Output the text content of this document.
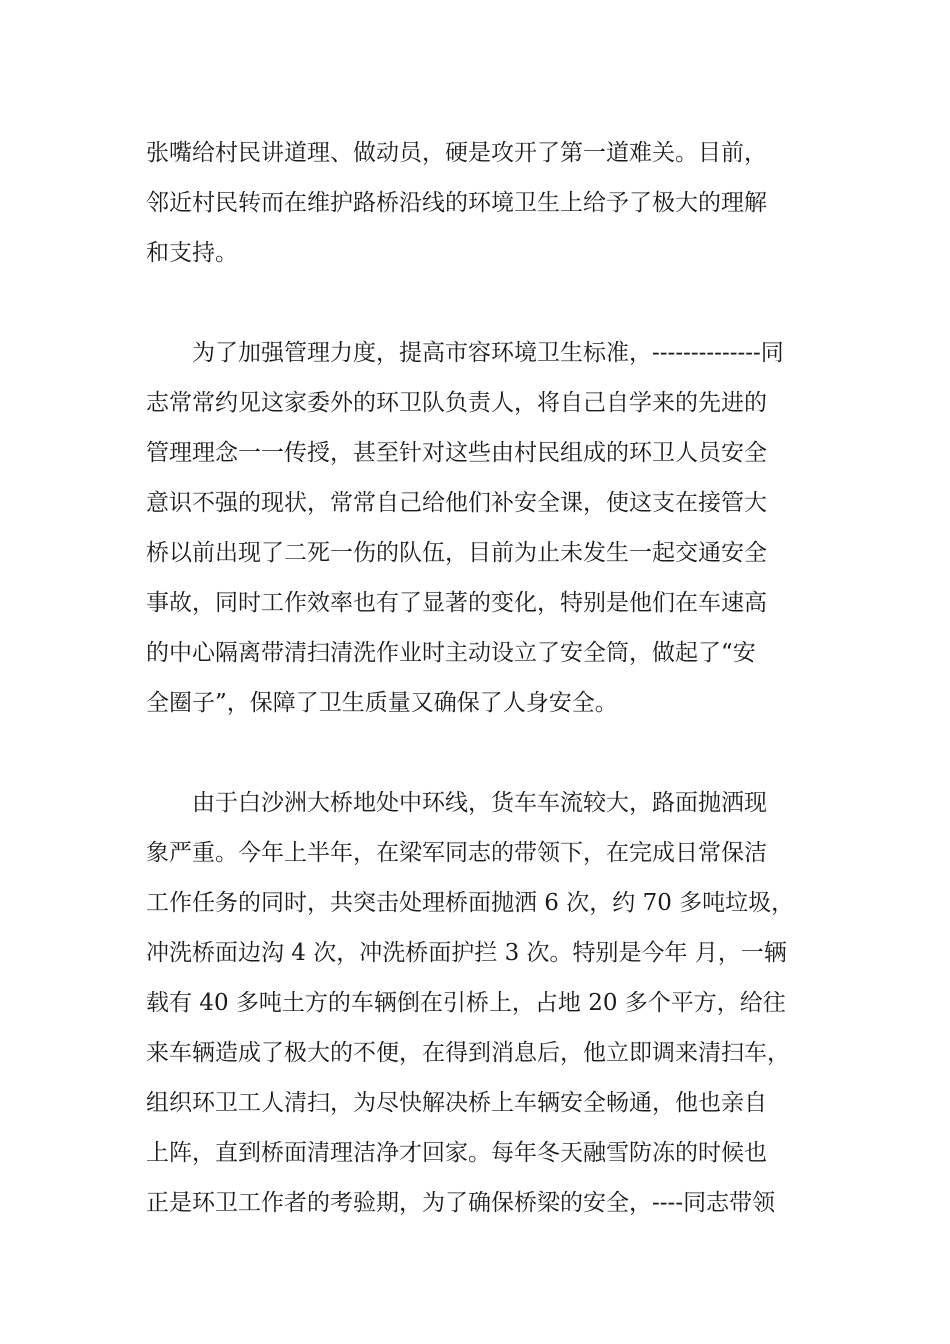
张嘴给村民讲道理、做动员，硬是攻开了第一道难关。目前，
邻近村民转而在维护路桥沿线的环境卫生上给予了极大的理解
和支持。
　　为了加强管理力度，提高市容环境卫生标准，--------------同
志常常约见这家委外的环卫队负责人，将自己自学来的先进的
管理理念一一传授，甚至针对这些由村民组成的环卫人员安全
意识不强的现状，常常自己给他们补安全课，使这支在接管大
桥以前出现了二死一伤的队伍，目前为止未发生一起交通安全
事故，同时工作效率也有了显著的变化，特别是他们在车速高
的中心隔离带清扫清洗作业时主动设立了安全筒，做起了“安
全圈子”，保障了卫生质量又确保了人身安全。
　　由于白沙洲大桥地处中环线，货车车流较大，路面抛洒现
象严重。今年上半年，在梁军同志的带领下，在完成日常保洁
工作任务的同时，共突击处理桥面抛洒 6 次，约 70 多吨垃圾，
冲洗桥面边沟 4 次，冲洗桥面护拦 3 次。特别是今年 月，一辆
载有 40 多吨土方的车辆倒在引桥上，占地 20 多个平方，给往
来车辆造成了极大的不便，在得到消息后，他立即调来清扫车，
组织环卫工人清扫，为尽快解决桥上车辆安全畅通，他也亲自
上阵，直到桥面清理洁净才回家。每年冬天融雪防冻的时候也
正是环卫工作者的考验期，为了确保桥梁的安全，----同志带领
